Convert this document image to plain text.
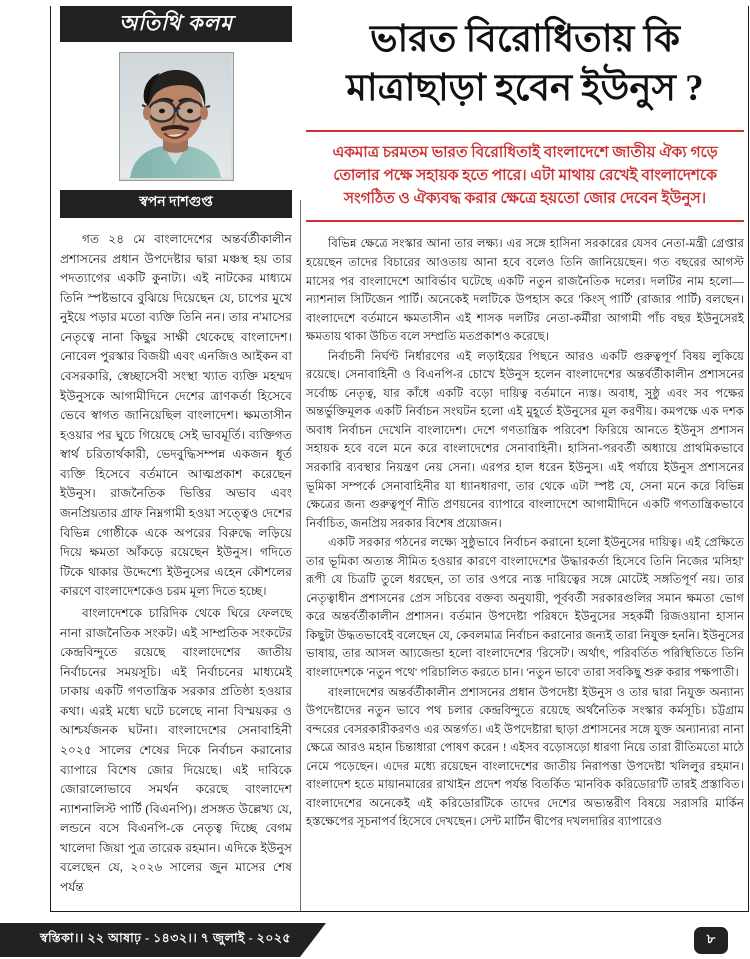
অতিথি কলম
স্বপন দাশগুপ্ত

গত ২৪ মে বাংলাদেশের অন্তর্বর্তীকালীন প্রশাসনের প্রধান উপদেষ্টার দ্বারা মঞ্চস্থ হয় তার পদত্যাগের একটি কুনাট্য। এই নাটকের মাধ্যমে তিনি স্পষ্টভাবে বুঝিয়ে দিয়েছেন যে, চাপের মুখে নুইয়ে পড়ার মতো ব্যক্তি তিনি নন। তার ন'মাসের নেতৃত্বে নানা কিছুর সাক্ষী থেকেছে বাংলাদেশ। নোবেল পুরস্কার বিজয়ী এবং এনজিও আইকন বা বেসরকারি, স্বেচ্ছাসেবী সংস্থা খ্যাত ব্যক্তি মহম্মদ ইউনুসকে আগামীদিনে দেশের ত্রাণকর্তা হিসেবে ভেবে স্বাগত জানিয়েছিল বাংলাদেশ। ক্ষমতাসীন হওয়ার পর ঘুচে গিয়েছে সেই ভাবমূর্তি। ব্যক্তিগত স্বার্থ চরিতার্থকারী, ভেদবুদ্ধিসম্পন্ন একজন ধূর্ত ব্যক্তি হিসেবে বর্তমানে আত্মপ্রকাশ করেছেন ইউনুস। রাজনৈতিক ভিত্তির অভাব এবং জনপ্রিয়তার গ্রাফ নিম্নগামী হওয়া সত্ত্বেও দেশের বিভিন্ন গোষ্ঠীকে একে অপরের বিরুদ্ধে লড়িয়ে দিয়ে ক্ষমতা আঁকড়ে রয়েছেন ইউনুস। গদিতে টিকে থাকার উদ্দেশ্যে ইউনুসের এহেন কৌশলের কারণে বাংলাদেশকেও চরম মূল্য দিতে হচ্ছে।

বাংলাদেশকে চারিদিক থেকে ঘিরে ফেলছে নানা রাজনৈতিক সংকট। এই সাম্প্রতিক সংকটের কেন্দ্রবিন্দুতে রয়েছে বাংলাদেশের জাতীয় নির্বাচনের সময়সূচি। এই নির্বাচনের মাধ্যমেই ঢাকায় একটি গণতান্ত্রিক সরকার প্রতিষ্ঠা হওয়ার কথা। এরই মধ্যে ঘটে চলেছে নানা বিস্ময়কর ও আশ্চর্যজনক ঘটনা। বাংলাদেশের সেনাবাহিনী ২০২৫ সালের শেষের দিকে নির্বাচন করানোর ব্যাপারে বিশেষ জোর দিয়েছে। এই দাবিকে জোরালোভাবে সমর্থন করেছে বাংলাদেশ ন্যাশনালিস্ট পার্টি (বিএনপি)। প্রসঙ্গত উল্লেখ্য যে, লন্ডনে বসে বিএনপি-কে নেতৃত্ব দিচ্ছে বেগম খালেদা জিয়া পুত্র তারেক রহমান। এদিকে ইউনুস বলেছেন যে, ২০২৬ সালের জুন মাসের শেষ পর্যন্ত

ভারত বিরোধিতায় কি
মাত্রাছাড়া হবেন ইউনুস ?
একমাত্র চরমতম ভারত বিরোধিতাই বাংলাদেশে জাতীয় ঐক্য গড়ে তোলার পক্ষে সহায়ক হতে পারে। এটা মাথায় রেখেই বাংলাদেশকে সংগঠিত ও ঐক্যবদ্ধ করার ক্ষেত্রে হয়তো জোর দেবেন ইউনুস।

বিভিন্ন ক্ষেত্রে সংস্কার আনা তার লক্ষ্য। এর সঙ্গে হাসিনা সরকারের যেসব নেতা-মন্ত্রী গ্রেপ্তার হয়েছেন তাদের বিচারের আওতায় আনা হবে বলেও তিনি জানিয়েছেন। গত বছরের আগস্ট মাসের পর বাংলাদেশে আবির্ভাব ঘটেছে একটি নতুন রাজনৈতিক দলের। দলটির নাম হলো— ন্যাশনাল সিটিজেন পার্টি। অনেকেই দলটিকে উপহাস করে 'কিংস্ পার্টি' (রাজার পার্টি) বলছেন। বাংলাদেশে বর্তমানে ক্ষমতাসীন এই শাসক দলটির নেতা-কর্মীরা আগামী পাঁচ বছর ইউনুসেরই ক্ষমতায় থাকা উচিত বলে সম্প্রতি মতপ্রকাশও করেছে।

নির্বাচনী নির্ঘণ্ট নির্ধারণের এই লড়াইয়ের পিছনে আরও একটি গুরুত্বপূর্ণ বিষয় লুকিয়ে রয়েছে। সেনাবাহিনী ও বিএনপি-র চোখে ইউনুস হলেন বাংলাদেশের অন্তর্বর্তীকালীন প্রশাসনের সর্বোচ্চ নেতৃত্ব, যার কাঁধে একটি বড়ো দায়িত্ব বর্তমানে ন্যস্ত। অবাধ, সুষ্ঠু এবং সব পক্ষের অন্তর্ভুক্তিমূলক একটি নির্বাচন সংঘটন হলো এই মুহূর্তে ইউনুসের মূল করণীয়। কমপক্ষে এক দশক অবাধ নির্বাচন দেখেনি বাংলাদেশ। দেশে গণতান্ত্রিক পরিবেশ ফিরিয়ে আনতে ইউনুস প্রশাসন সহায়ক হবে বলে মনে করে বাংলাদেশের সেনাবাহিনী। হাসিনা-পরবর্তী অধ্যায়ে প্রাথমিকভাবে সরকারি ব্যবস্থার নিয়ন্ত্রণ নেয় সেনা। এরপর হাল ধরেন ইউনুস। এই পর্যায়ে ইউনুস প্রশাসনের ভূমিকা সম্পর্কে সেনাবাহিনীর যা ধ্যানধারণা, তার থেকে এটা স্পষ্ট যে, সেনা মনে করে বিভিন্ন ক্ষেত্রের জন্য গুরুত্বপূর্ণ নীতি প্রণয়নের ব্যাপারে বাংলাদেশে আগামীদিনে একটি গণতান্ত্রিকভাবে নির্বাচিত, জনপ্রিয় সরকার বিশেষ প্রয়োজন।

একটি সরকার গঠনের লক্ষ্যে সুষ্ঠুভাবে নির্বাচন করানো হলো ইউনুসের দায়িত্ব। এই প্রেক্ষিতে তার ভূমিকা অত্যন্ত সীমিত হওয়ার কারণে বাংলাদেশের উদ্ধারকর্তা হিসেবে তিনি নিজের 'মসিহা' রূপী যে চিত্রটি তুলে ধরছেন, তা তার ওপরে ন্যস্ত দায়িত্বের সঙ্গে মোটেই সঙ্গতিপূর্ণ নয়। তার নেতৃত্বাধীন প্রশাসনের প্রেস সচিবের বক্তব্য অনুযায়ী, পূর্ববর্তী সরকারগুলির সমান ক্ষমতা ভোগ করে অন্তর্বর্তীকালীন প্রশাসন। বর্তমান উপদেষ্টা পরিষদে ইউনুসের সহকর্মী রিজওয়ানা হাসান কিছুটা উদ্ধতভাবেই বলেছেন যে, কেবলমাত্র নির্বাচন করানোর জন্যই তারা নিযুক্ত হননি। ইউনুসের ভাষায়, তার আসল আ্যজেন্ডা হলো বাংলাদেশের 'রিসেট'। অর্থাৎ, পরিবর্তিত পরিস্থিতিতে তিনি বাংলাদেশকে 'নতুন পথে' পরিচালিত করতে চান। 'নতুন ভাবে' তারা সবকিছু শুরু করার পক্ষপাতী।

বাংলাদেশের অন্তর্বর্তীকালীন প্রশাসনের প্রধান উপদেষ্টা ইউনুস ও তার দ্বারা নিযুক্ত অন্যান্য উপদেষ্টাদের নতুন ভাবে পথ চলার কেন্দ্রবিন্দুতে রয়েছে অর্থনৈতিক সংস্কার কর্মসূচি। চট্টগ্রাম বন্দরের বেসরকারীকরণও এর অন্তর্গত। এই উপদেষ্টারা ছাড়া প্রশাসনের সঙ্গে যুক্ত অন্যান্যরা নানা ক্ষেত্রে আরও মহান চিন্তাধারা পোষণ করেন ! এইসব বড়োসড়ো ধারণা নিয়ে তারা রীতিমতো মাঠে নেমে পড়েছেন। এদের মধ্যে রয়েছেন বাংলাদেশের জাতীয় নিরাপত্তা উপদেষ্টা খলিলুর রহমান। বাংলাদেশ হতে মায়ানমারের রাখাইন প্রদেশ পর্যন্ত বিতর্কিত 'মানবিক করিডোর'টি তারই প্রস্তাবিত। বাংলাদেশের অনেকেই এই করিডোরটিকে তাদের দেশের অভ্যন্তরীণ বিষয়ে সরাসরি মার্কিন হস্তক্ষেপের সূচনাপর্ব হিসেবে দেখছেন। সেন্ট মার্টিন দ্বীপের দখলদারির ব্যাপারেও

স্বস্তিকা।। ২২ আষাঢ় - ১৪৩২।। ৭ জুলাই - ২০২৫	৮
